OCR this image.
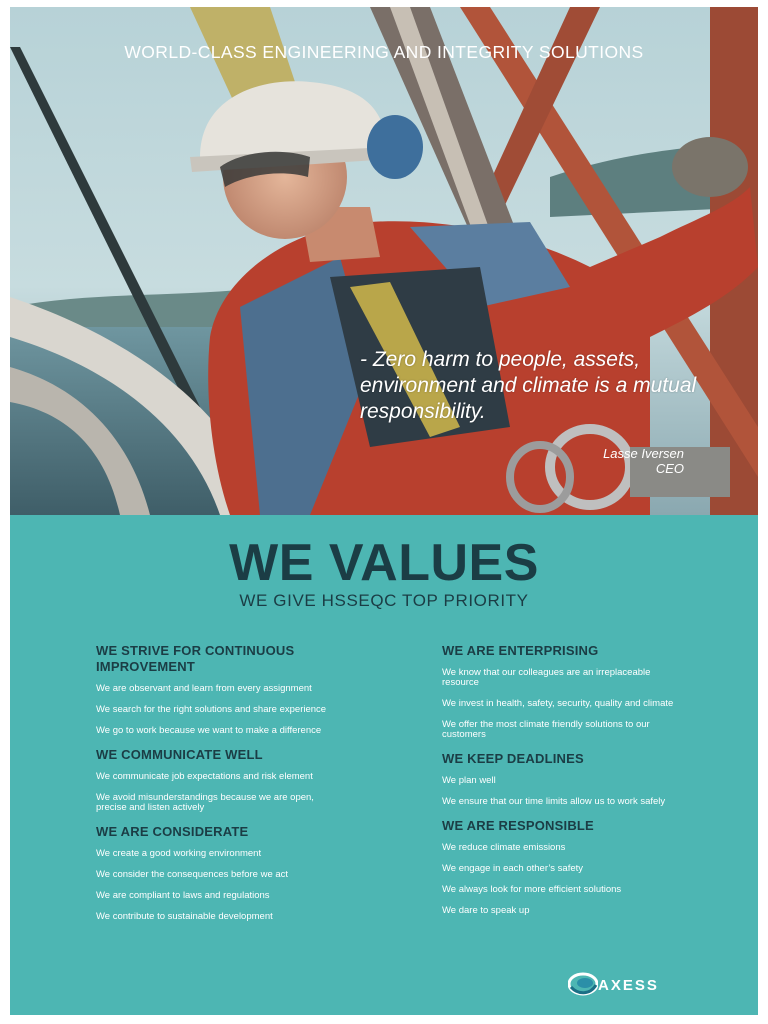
WORLD-CLASS ENGINEERING AND INTEGRITY SOLUTIONS
- Zero harm to people, assets, environment and climate is a mutual responsibility.
Lasse Iversen
CEO
WE VALUES
WE GIVE HSSEQC TOP PRIORITY
WE STRIVE FOR CONTINUOUS IMPROVEMENT
We are observant and learn from every assignment
We search for the right solutions and share experience
We go to work because we want to make a difference
WE COMMUNICATE WELL
We communicate job expectations and risk element
We avoid misunderstandings because we are open, precise and listen actively
WE ARE CONSIDERATE
We create a good working environment
We consider the consequences before we act
We are compliant to laws and regulations
We contribute to sustainable development
WE ARE ENTERPRISING
We know that our colleagues are an irreplaceable resource
We invest in health, safety, security, quality and climate
We offer the most climate friendly solutions to our customers
WE KEEP DEADLINES
We plan well
We ensure that our time limits allow us to work safely
WE ARE RESPONSIBLE
We reduce climate emissions
We engage in each other’s safety
We always look for more efficient solutions
We dare to speak up
AXESS
